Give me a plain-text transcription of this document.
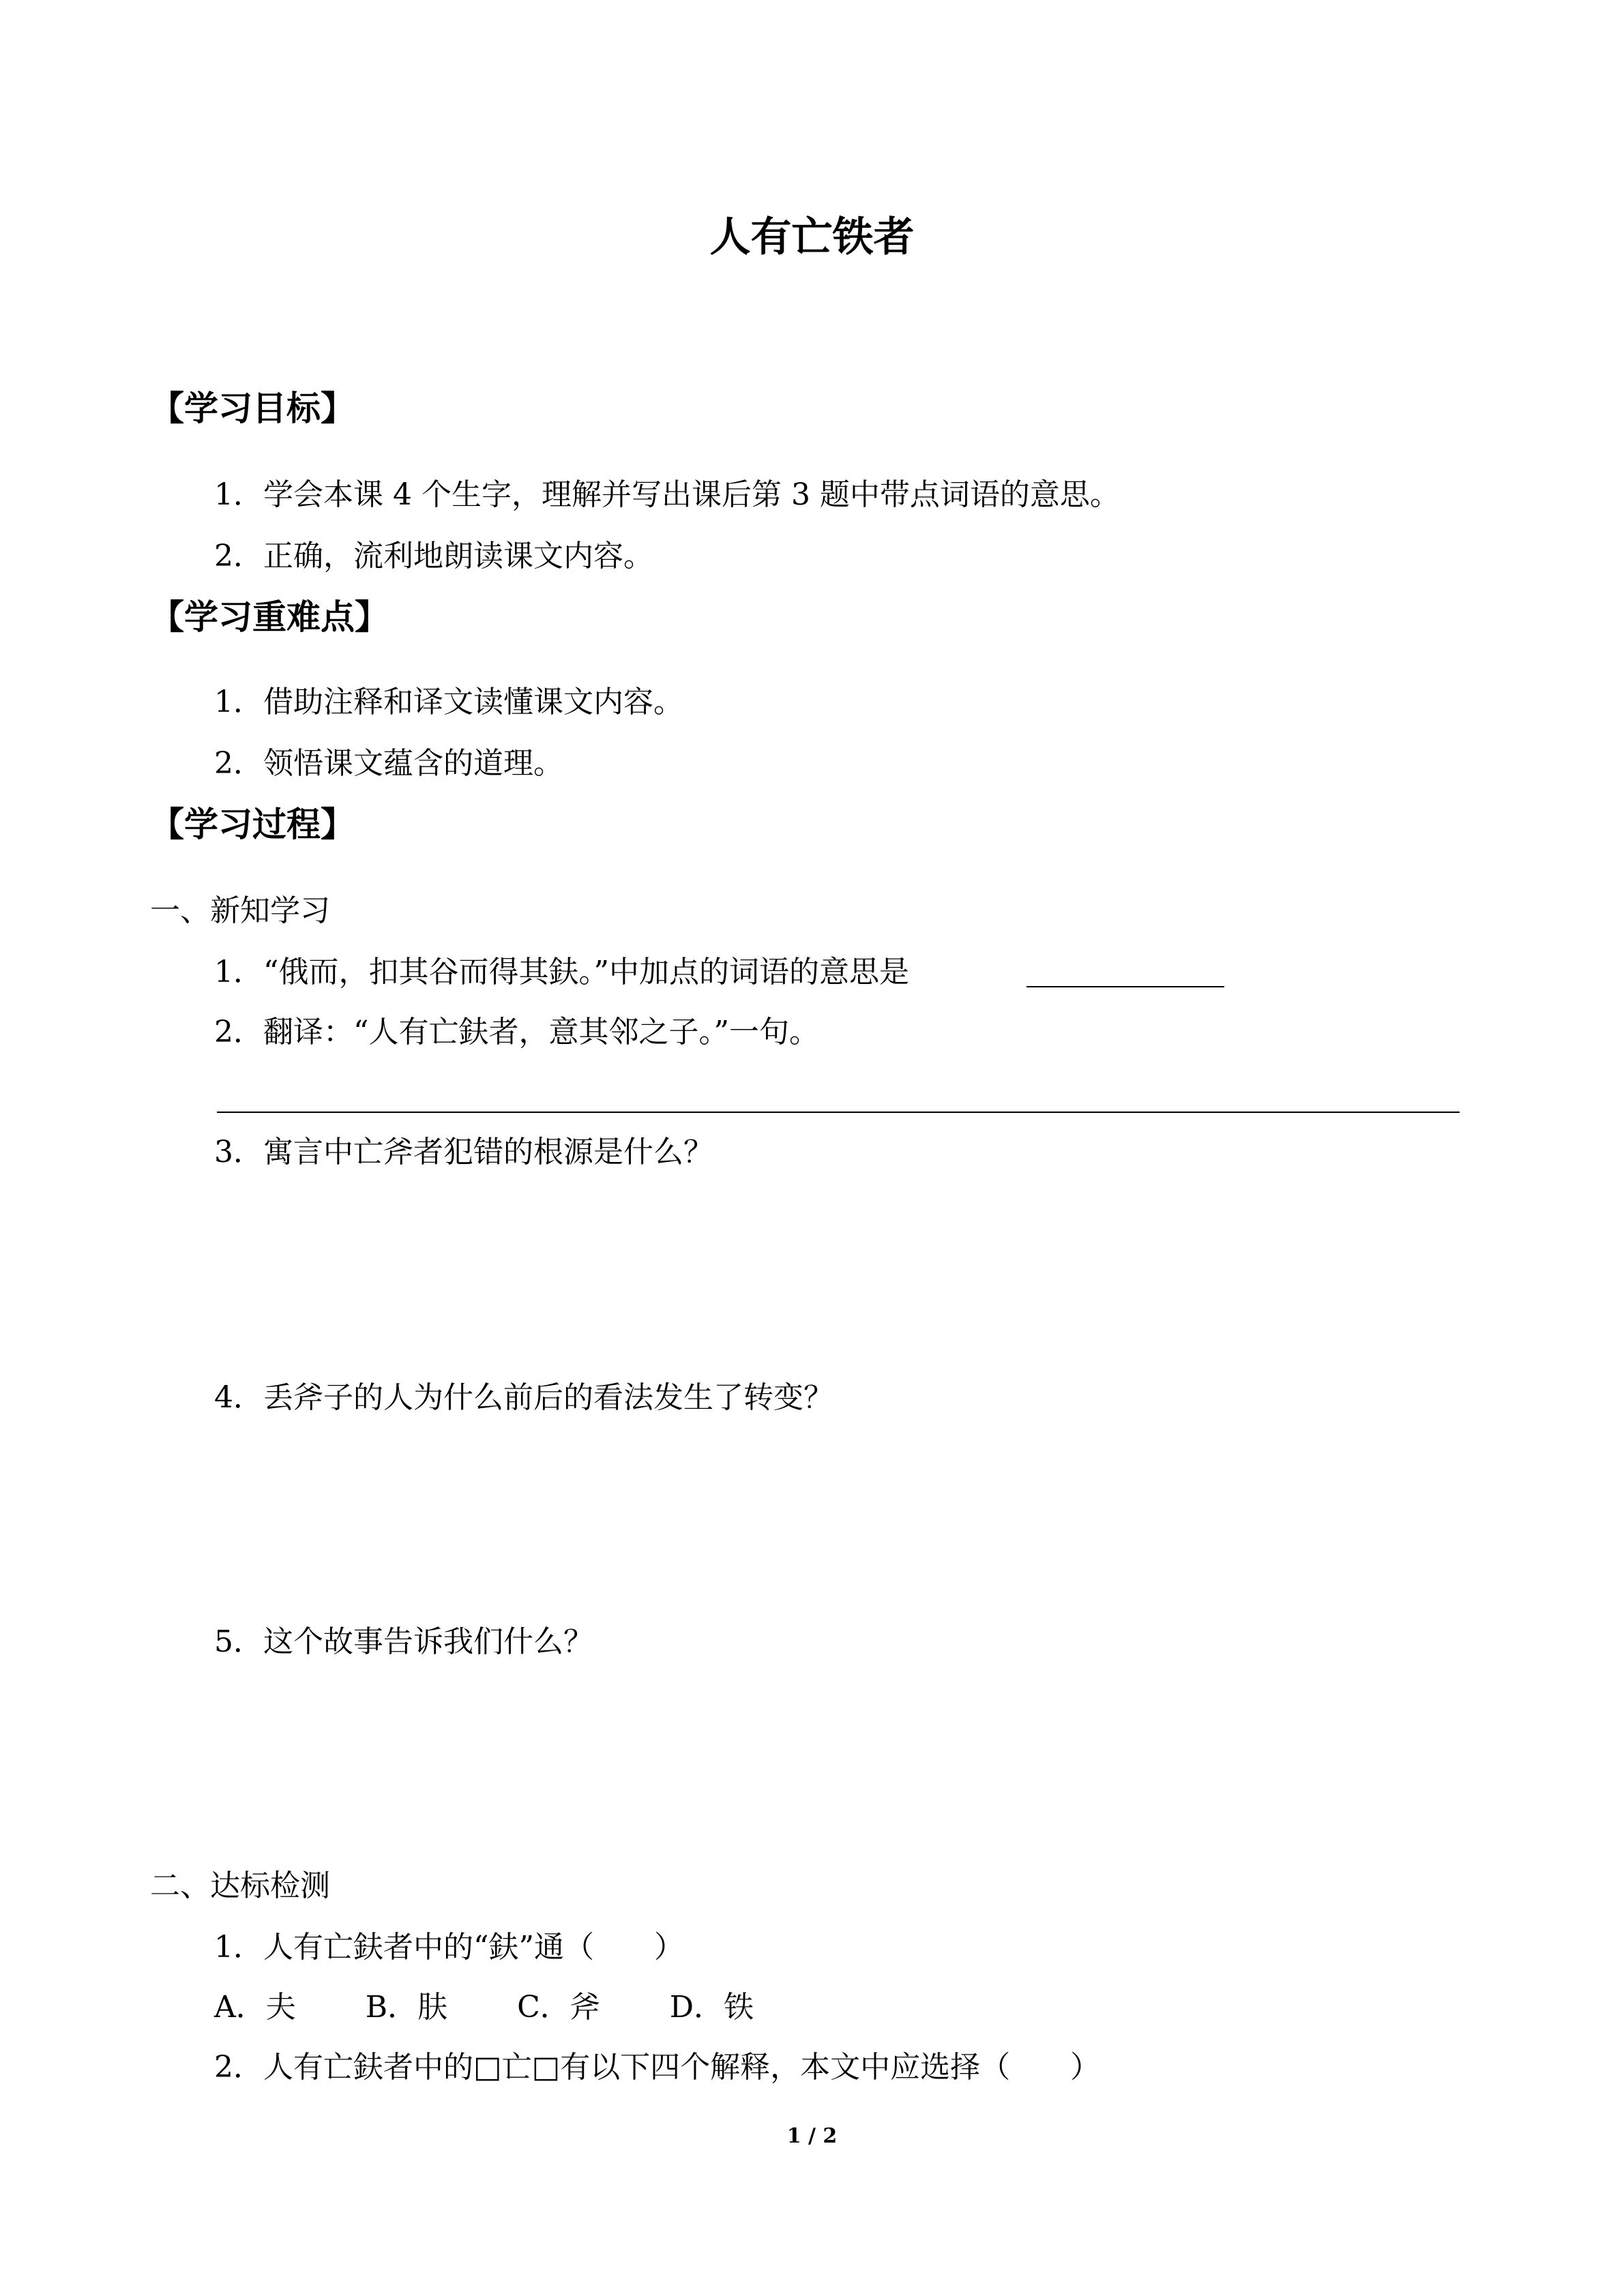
人有亡铁者
【学习目标】
1．学会本课 4 个生字，理解并写出课后第 3 题中带点词语的意思。
2．正确，流利地朗读课文内容。
【学习重难点】
1．借助注释和译文读懂课文内容。
2．领悟课文蕴含的道理。
【学习过程】
一、新知学习
1．“俄而，扣其谷而得其鈇。”中加点的词语的意思是
2．翻译：“人有亡鈇者，意其邻之子。”一句。
3．寓言中亡斧者犯错的根源是什么？
4．丢斧子的人为什么前后的看法发生了转变？
5．这个故事告诉我们什么？
二、达标检测
1．人有亡鈇者中的“鈇”通（　　）
A．夫 B．肤 C．斧 D．铁
2．人有亡鈇者中的□亡□有以下四个解释，本文中应选择（　　）
1 / 2
